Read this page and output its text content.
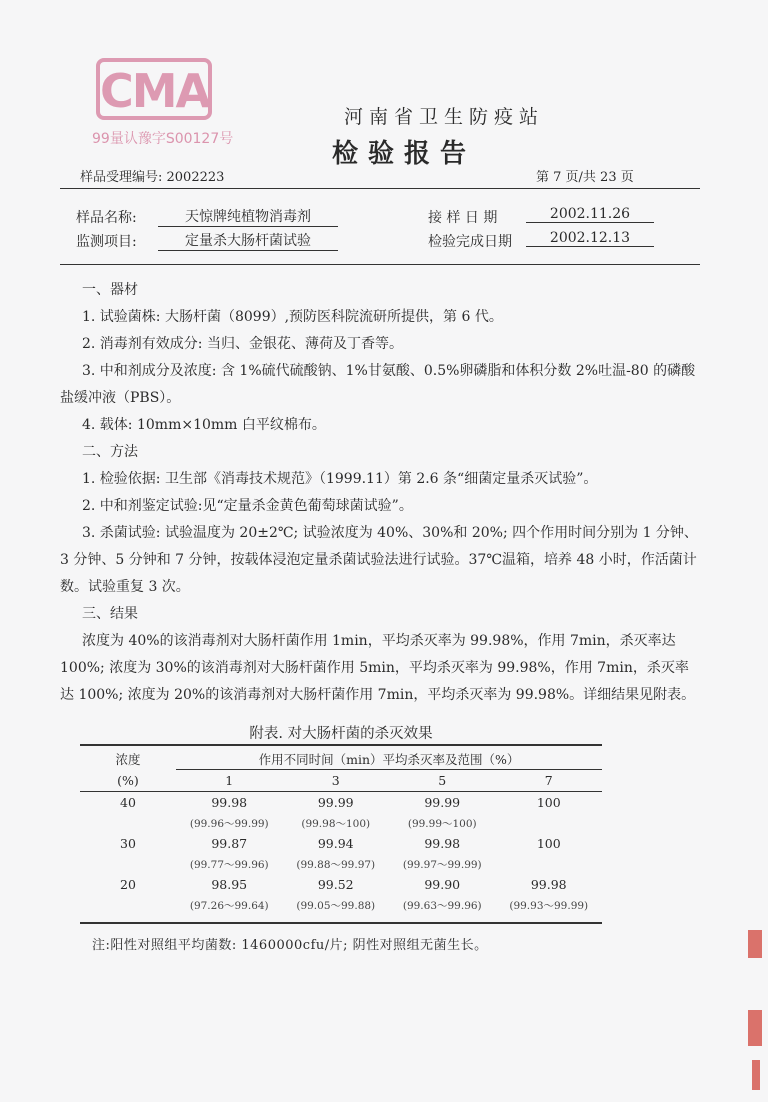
CMA
99量认豫字S00127号
河南省卫生防疫站
检验报告
样品受理编号: 2002223	第 7 页/共 23 页
样品名称:	天惊牌纯植物消毒剂
监测项目:	定量杀大肠杆菌试验
接 样 日 期	2002.11.26
检验完成日期	2002.12.13

一、器材

1. 试验菌株: 大肠杆菌（8099）,预防医科院流研所提供，第 6 代。

2. 消毒剂有效成分: 当归、金银花、薄荷及丁香等。

3. 中和剂成分及浓度: 含 1%硫代硫酸钠、1%甘氨酸、0.5%卵磷脂和体积分数 2%吐温-80 的磷酸盐缓冲液（PBS）。

4. 载体: 10mm×10mm 白平纹棉布。

二、方法

1. 检验依据: 卫生部《消毒技术规范》（1999.11）第 2.6 条“细菌定量杀灭试验”。

2. 中和剂鉴定试验:见“定量杀金黄色葡萄球菌试验”。

3. 杀菌试验: 试验温度为 20±2℃; 试验浓度为 40%、30%和 20%; 四个作用时间分别为 1 分钟、3 分钟、5 分钟和 7 分钟，按载体浸泡定量杀菌试验法进行试验。37℃温箱，培养 48 小时，作活菌计数。试验重复 3 次。

三、结果

浓度为 40%的该消毒剂对大肠杆菌作用 1min，平均杀灭率为 99.98%，作用 7min，杀灭率达 100%; 浓度为 30%的该消毒剂对大肠杆菌作用 5min，平均杀灭率为 99.98%，作用 7min，杀灭率达 100%; 浓度为 20%的该消毒剂对大肠杆菌作用 7min，平均杀灭率为 99.98%。详细结果见附表。

附表. 对大肠杆菌的杀灭效果
浓度	作用不同时间（min）平均杀灭率及范围（%）			
(%)	1	3	5	7
40	99.98	99.99	99.99	100
	(99.96～99.99)	(99.98～100)	(99.99～100)	
30	99.87	99.94	99.98	100
	(99.77～99.96)	(99.88～99.97)	(99.97～99.99)	
20	98.95	99.52	99.90	99.98
	(97.26～99.64)	(99.05～99.88)	(99.63～99.96)	(99.93～99.99)
注:阳性对照组平均菌数: 1460000cfu/片; 阴性对照组无菌生长。
